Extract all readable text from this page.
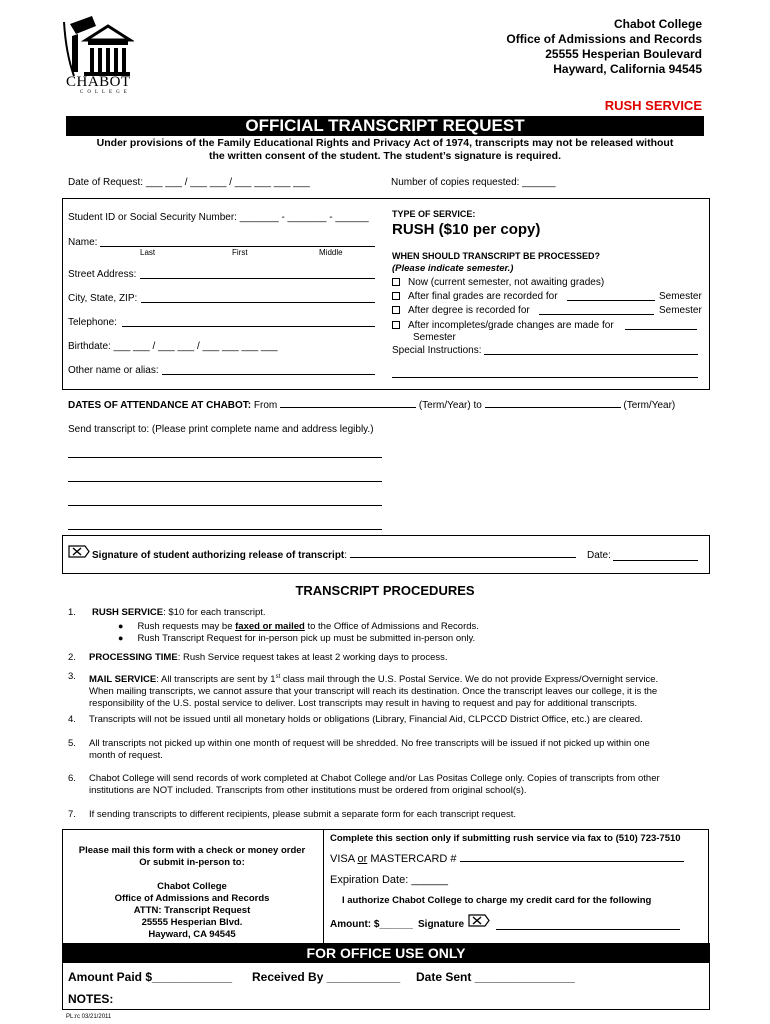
CHABOT
COLLEGE
Chabot College
Office of Admissions and Records
25555 Hesperian Boulevard
Hayward, California 94545
RUSH SERVICE
OFFICIAL TRANSCRIPT REQUEST
Under provisions of the Family Educational Rights and Privacy Act of 1974, transcripts may not be released without
the written consent of the student. The student’s signature is required.
Date of Request: ___ ___ / ___ ___ / ___ ___ ___ ___	Number of copies requested: ______
Student ID or Social Security Number: _______ - _______ - ______
Name:
Last	First	Middle
Street Address:
City, State, ZIP:
Telephone:
Birthdate: ___ ___ / ___ ___ / ___ ___ ___ ___
Other name or alias:
TYPE OF SERVICE:
RUSH ($10 per copy)
WHEN SHOULD TRANSCRIPT BE PROCESSED?
(Please indicate semester.)
Now (current semester, not awaiting grades)
After final grades are recorded for	Semester
After degree is recorded for	Semester
After incompletes/grade changes are made for
Semester
Special Instructions:
DATES OF ATTENDANCE AT CHABOT: From	(Term/Year) to	(Term/Year)
Send transcript to: (Please print complete name and address legibly.)
Signature of student authorizing release of transcript:	Date:
TRANSCRIPT PROCEDURES
1. RUSH SERVICE: $10 for each transcript.
● Rush requests may be faxed or mailed to the Office of Admissions and Records.
● Rush Transcript Request for in-person pick up must be submitted in-person only.
2. PROCESSING TIME: Rush Service request takes at least 2 working days to process.
3. MAIL SERVICE: All transcripts are sent by 1st class mail through the U.S. Postal Service. We do not provide Express/Overnight service.
When mailing transcripts, we cannot assure that your transcript will reach its destination. Once the transcript leaves our college, it is the
responsibility of the U.S. postal service to deliver. Lost transcripts may result in having to request and pay for additional transcripts.
4. Transcripts will not be issued until all monetary holds or obligations (Library, Financial Aid, CLPCCD District Office, etc.) are cleared.
5. All transcripts not picked up within one month of request will be shredded. No free transcripts will be issued if not picked up within one
month of request.
6. Chabot College will send records of work completed at Chabot College and/or Las Positas College only. Copies of transcripts from other
institutions are NOT included. Transcripts from other institutions must be ordered from original school(s).
7. If sending transcripts to different recipients, please submit a separate form for each transcript request.
Please mail this form with a check or money order
Or submit in-person to:
Chabot College
Office of Admissions and Records
ATTN: Transcript Request
25555 Hesperian Blvd.
Hayward, CA 94545
Complete this section only if submitting rush service via fax to (510) 723-7510
VISA or MASTERCARD #
Expiration Date: ______
I authorize Chabot College to charge my credit card for the following
Amount: $______ Signature
FOR OFFICE USE ONLY
Amount Paid $____________ Received By ___________ Date Sent _______________
NOTES:
PL:rc 03/21/2011
